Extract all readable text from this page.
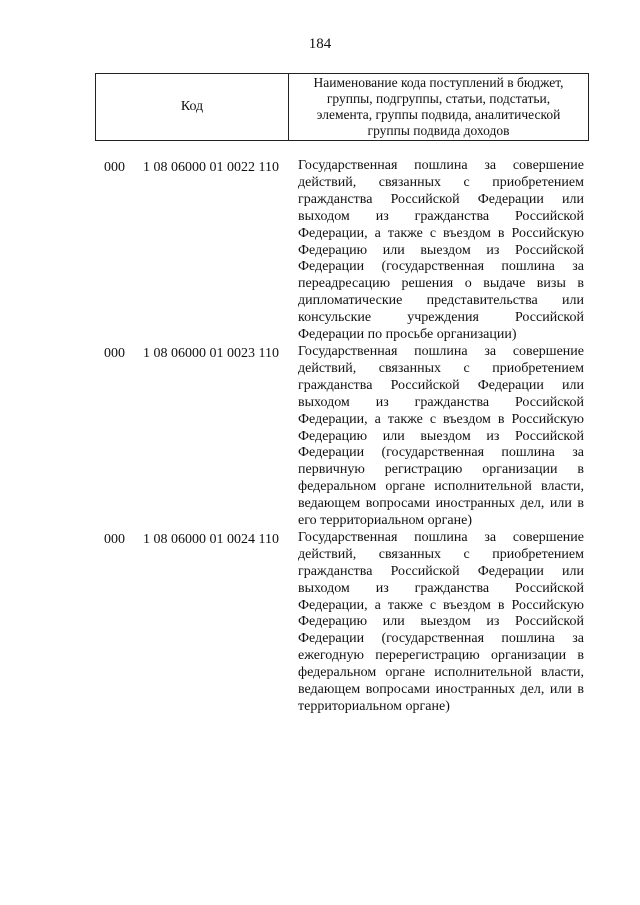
184
Код	
Наименование кода поступлений в бюджет,
группы, подгруппы, статьи, подстатьи,
элемента, группы подвида, аналитической
группы подвида доходов
000 1 08 06000 01 0022 110 Государственная пошлина за совершение
действий, связанных с приобретением
гражданства Российской Федерации или
выходом из гражданства Российской
Федерации, а также с въездом в Российскую
Федерацию или выездом из Российской
Федерации (государственная пошлина за
переадресацию решения о выдаче визы в
дипломатические представительства или
консульские учреждения Российской
Федерации по просьбе организации)
000 1 08 06000 01 0023 110 Государственная пошлина за совершение
действий, связанных с приобретением
гражданства Российской Федерации или
выходом из гражданства Российской
Федерации, а также с въездом в Российскую
Федерацию или выездом из Российской
Федерации (государственная пошлина за
первичную регистрацию организации в
федеральном органе исполнительной власти,
ведающем вопросами иностранных дел, или в
его территориальном органе)
000 1 08 06000 01 0024 110 Государственная пошлина за совершение
действий, связанных с приобретением
гражданства Российской Федерации или
выходом из гражданства Российской
Федерации, а также с въездом в Российскую
Федерацию или выездом из Российской
Федерации (государственная пошлина за
ежегодную перерегистрацию организации в
федеральном органе исполнительной власти,
ведающем вопросами иностранных дел, или в
территориальном органе)
